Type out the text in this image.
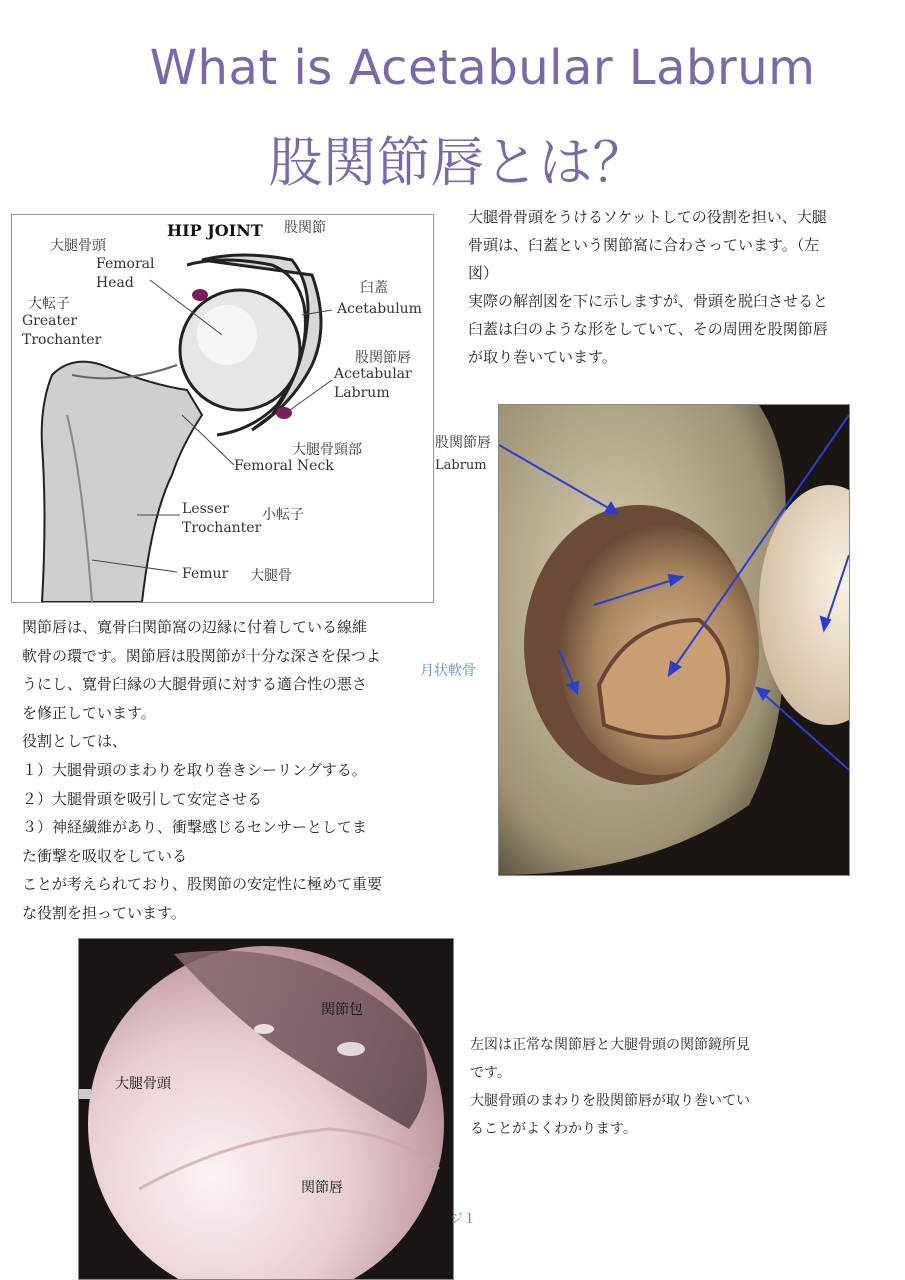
What is Acetabular Labrum
股関節唇とは？
HIP JOINT 股関節
大腿骨頭
Femoral Head	臼蓋
Acetabulum
大転子
Greater Trochanter
股関節唇
Acetabular Labrum
大腿骨頸部
Femoral Neck
小転子
Lesser Trochanter
大腿骨
Femur

大腿骨骨頭をうけるソケットしての役割を担い、大腿

骨頭は、臼蓋という関節窩に合わさっています。（左

図）

実際の解剖図を下に示しますが、骨頭を脱臼させると

臼蓋は臼のような形をしていて、その周囲を股関節唇

が取り巻いています。

股関節唇
Labrum
月状軟骨

関節唇は、寛骨臼関節窩の辺縁に付着している線維

軟骨の環です。関節唇は股関節が十分な深さを保つよ

うにし、寛骨臼縁の大腿骨頭に対する適合性の悪さ

を修正しています。

役割としては、

１）大腿骨頭のまわりを取り巻きシーリングする。

２）大腿骨頭を吸引して安定させる

３）神経繊維があり、衝撃感じるセンサーとしてま

た衝撃を吸収をしている

ことが考えられており、股関節の安定性に極めて重要

な役割を担っています。

関節包
大腿骨頭
関節唇

左図は正常な関節唇と大腿骨頭の関節鏡所見

です。

大腿骨頭のまわりを股関節唇が取り巻いてい

ることがよくわかります。

ジ１
